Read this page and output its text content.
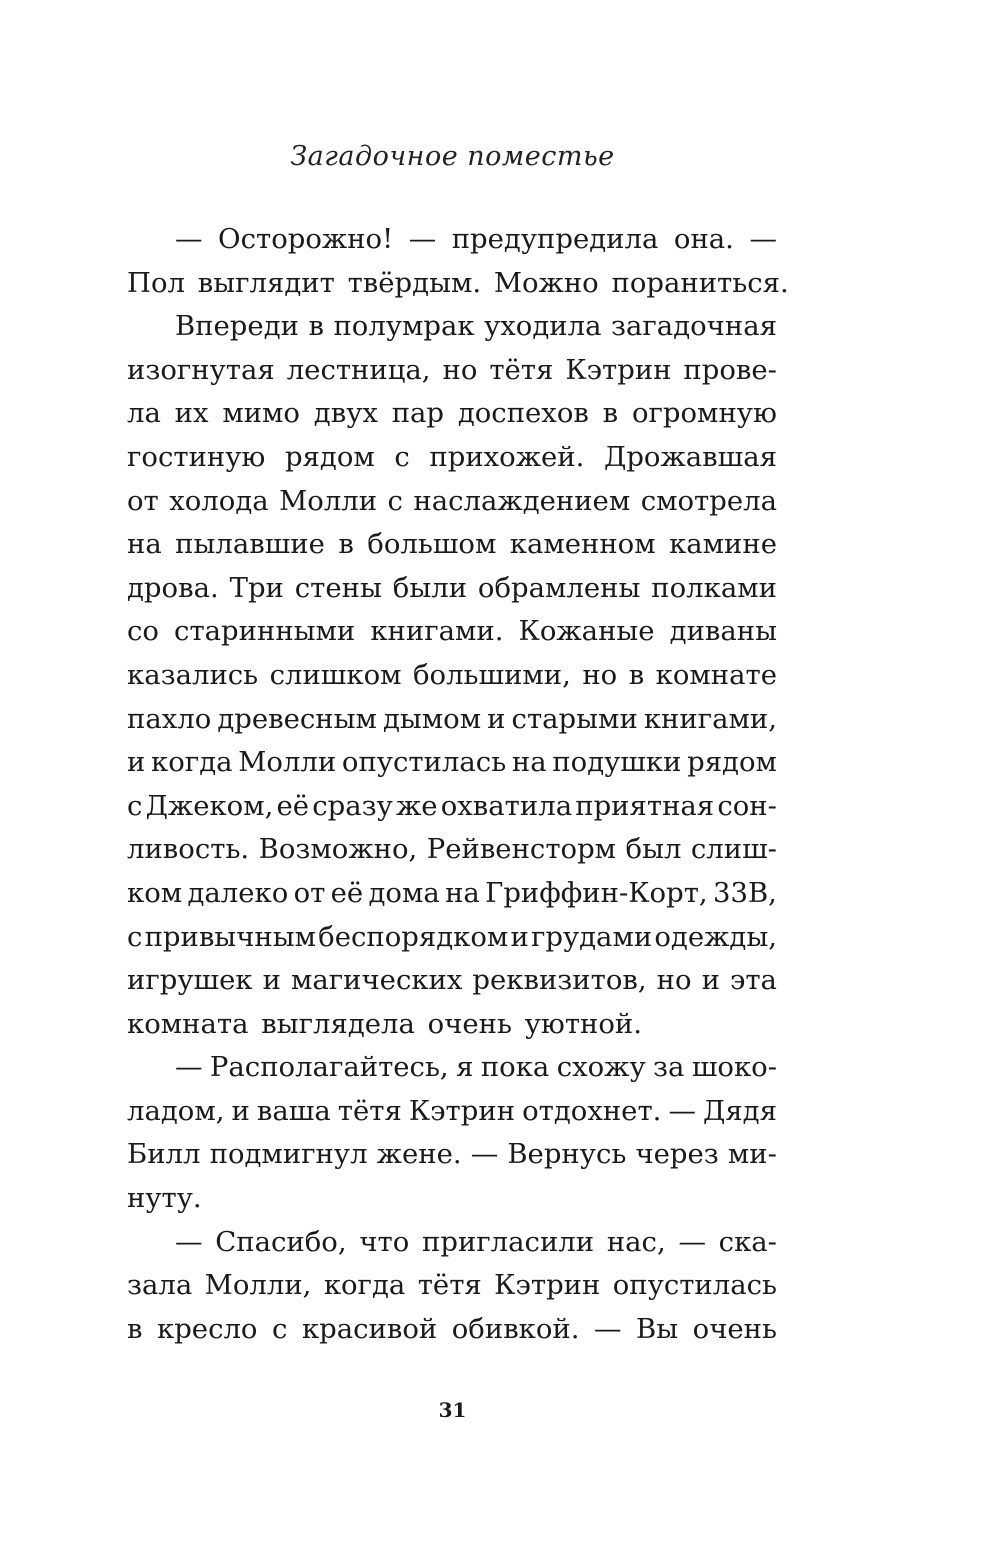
Загадочное поместье
— Осторожно! — предупредила она. —
Пол выглядит твёрдым. Можно пораниться.
Впереди в полумрак уходила загадочная
изогнутая лестница, но тётя Кэтрин прове-
ла их мимо двух пар доспехов в огромную
гостиную рядом с прихожей. Дрожавшая
от холода Молли с наслаждением смотрела
на пылавшие в большом каменном камине
дрова. Три стены были обрамлены полками
со старинными книгами. Кожаные диваны
казались слишком большими, но в комнате
пахло древесным дымом и старыми книгами,
и когда Молли опустилась на подушки рядом
с Джеком, её сразу же охватила приятная сон-
ливость. Возможно, Рейвенсторм был слиш-
ком далеко от её дома на Гриффин-Корт, 33В,
с привычным беспорядком и грудами одежды,
игрушек и магических реквизитов, но и эта
комната выглядела очень уютной.
— Располагайтесь, я пока схожу за шоко-
ладом, и ваша тётя Кэтрин отдохнет. — Дядя
Билл подмигнул жене. — Вернусь через ми-
нуту.
— Спасибо, что пригласили нас, — ска-
зала Молли, когда тётя Кэтрин опустилась
в кресло с красивой обивкой. — Вы очень
31
